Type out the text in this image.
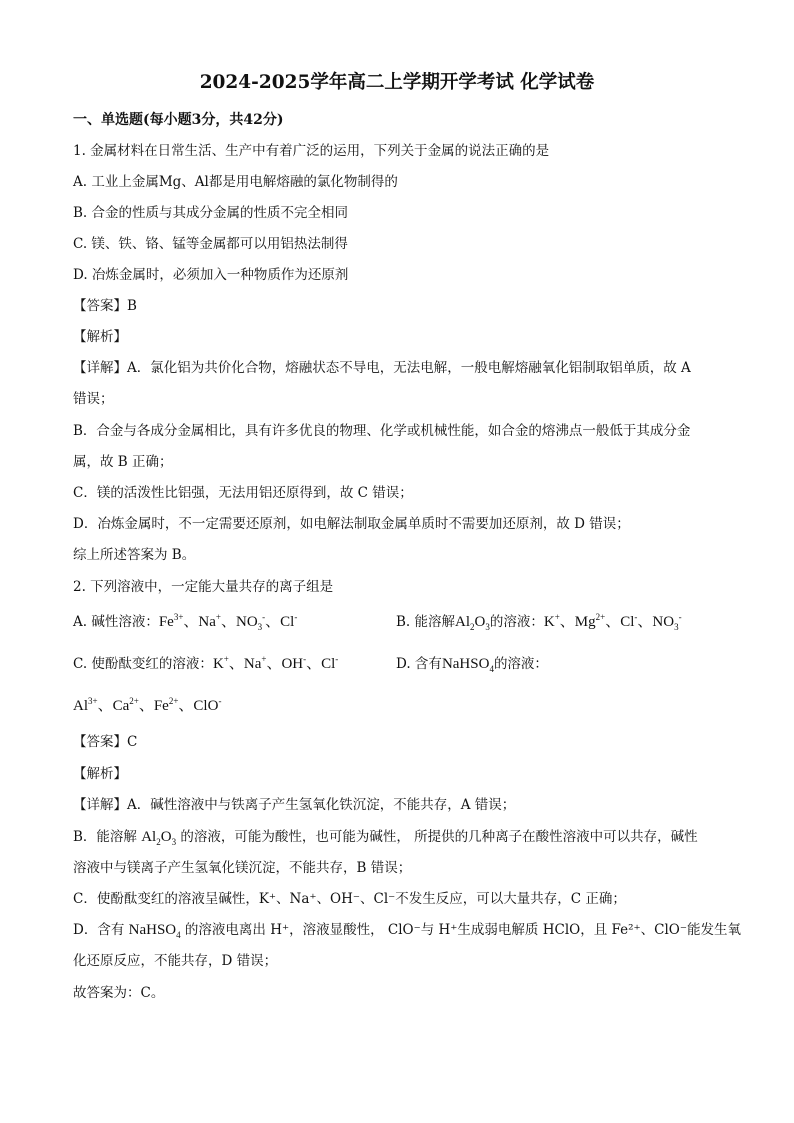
2024-2025学年高二上学期开学考试 化学试卷
一、单选题(每小题3分，共42分)
1. 金属材料在日常生活、生产中有着广泛的运用，下列关于金属的说法正确的是
A. 工业上金属Mg、Al都是用电解熔融的氯化物制得的
B. 合金的性质与其成分金属的性质不完全相同
C. 镁、铁、铬、锰等金属都可以用铝热法制得
D. 冶炼金属时，必须加入一种物质作为还原剂
【答案】B
【解析】
【详解】A．氯化铝为共价化合物，熔融状态不导电，无法电解，一般电解熔融氧化铝制取铝单质，故 A
错误；
B．合金与各成分金属相比，具有许多优良的物理、化学或机械性能，如合金的熔沸点一般低于其成分金
属，故 B 正确；
C．镁的活泼性比铝强，无法用铝还原得到，故 C 错误；
D．冶炼金属时，不一定需要还原剂，如电解法制取金属单质时不需要加还原剂，故 D 错误；
综上所述答案为 B。
2. 下列溶液中，一定能大量共存的离子组是
A. 碱性溶液：$Fe^{3+}$、Na+、$NO_3^-$、Cl-	B. 能溶解$Al_2O_3$的溶液：K+、$Mg^{2+}$、Cl-、$NO_3^-$
C. 使酚酞变红的溶液：K+、Na+、OH-、Cl-	D. 含有NaHSO$_4$的溶液：
$Al^{3+}$、$Ca^{2+}$、$Fe^{2+}$、ClO-
【答案】C
【解析】
【详解】A．碱性溶液中与铁离子产生氢氧化铁沉淀，不能共存，A 错误；
B．能溶解 $Al_2O_3$ 的溶液，可能为酸性，也可能为碱性， 所提供的几种离子在酸性溶液中可以共存，碱性
溶液中与镁离子产生氢氧化镁沉淀，不能共存，B 错误；
C．使酚酞变红的溶液呈碱性，K⁺、Na⁺、OH⁻、Cl⁻不发生反应，可以大量共存，C 正确；
D．含有 NaHSO$_4$ 的溶液电离出 H⁺，溶液显酸性， ClO⁻与 H⁺生成弱电解质 HClO，且 Fe²⁺、ClO⁻能发生氧
化还原反应，不能共存，D 错误；
故答案为：C。
